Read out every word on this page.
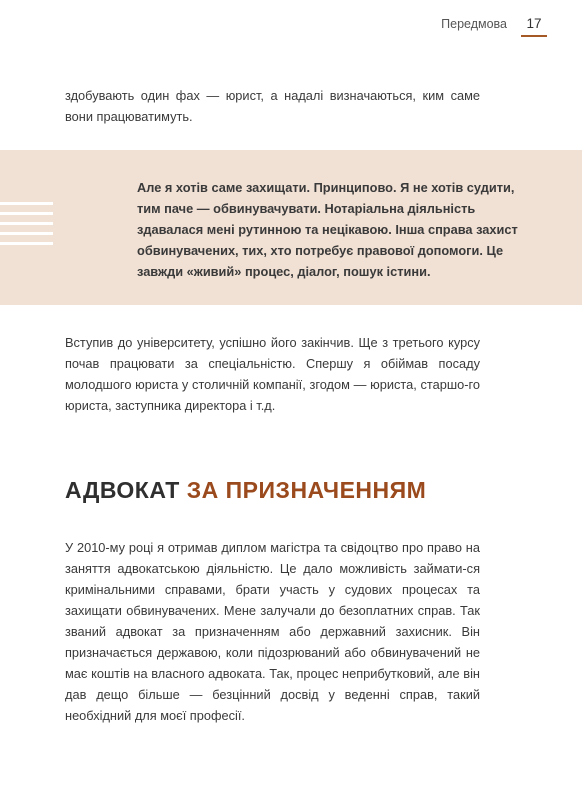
Передмова	17

здобувають один фах — юрист, а надалі визначаються, ким саме вони працюватимуть.

Але я хотів саме захищати. Принципово. Я не хотів судити, тим паче — обвинувачувати. Нотаріальна діяльність здавалася мені рутинною та нецікавою. Інша справа захист обвинувачених, тих, хто потребує правової допомоги. Це завжди «живий» процес, діалог, пошук істини.

Вступив до університету, успішно його закінчив. Ще з третього курсу почав працювати за спеціальністю. Спершу я обіймав посаду молодшого юриста у столичній компанії, згодом — юриста, старшо-го юриста, заступника директора і т.д.

АДВОКАТ ЗА ПРИЗНАЧЕННЯМ

У 2010-му році я отримав диплом магістра та свідоцтво про право на заняття адвокатською діяльністю. Це дало можливість займати-ся кримінальними справами, брати участь у судових процесах та захищати обвинувачених. Мене залучали до безоплатних справ. Так званий адвокат за призначенням або державний захисник. Він призначається державою, коли підозрюваний або обвинувачений не має коштів на власного адвоката. Так, процес неприбутковий, але він дав дещо більше — безцінний досвід у веденні справ, такий необхідний для моєї професії.
